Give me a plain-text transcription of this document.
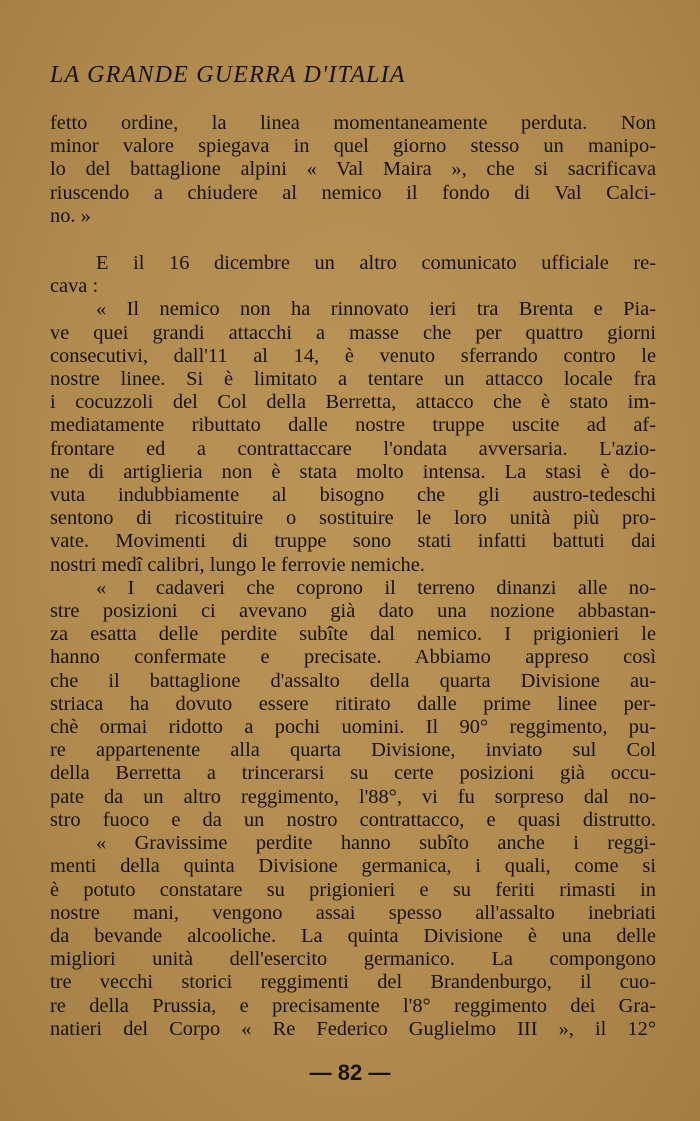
LA GRANDE GUERRA D'ITALIA

fetto ordine, la linea momentaneamente perduta. Non
minor valore spiegava in quel giorno stesso un manipo-
lo del battaglione alpini « Val Maira », che si sacrificava
riuscendo a chiudere al nemico il fondo di Val Calci-
no. »

E il 16 dicembre un altro comunicato ufficiale re-
cava :

« Il nemico non ha rinnovato ieri tra Brenta e Pia-
ve quei grandi attacchi a masse che per quattro giorni
consecutivi, dall'11 al 14, è venuto sferrando contro le
nostre linee. Si è limitato a tentare un attacco locale fra
i cocuzzoli del Col della Berretta, attacco che è stato im-
mediatamente ributtato dalle nostre truppe uscite ad af-
frontare ed a contrattaccare l'ondata avversaria. L'azio-
ne di artiglieria non è stata molto intensa. La stasi è do-
vuta indubbiamente al bisogno che gli austro-tedeschi
sentono di ricostituire o sostituire le loro unità più pro-
vate. Movimenti di truppe sono stati infatti battuti dai
nostri medî calibri, lungo le ferrovie nemiche.

« I cadaveri che coprono il terreno dinanzi alle no-
stre posizioni ci avevano già dato una nozione abbastan-
za esatta delle perdite subîte dal nemico. I prigionieri le
hanno confermate e precisate. Abbiamo appreso così
che il battaglione d'assalto della quarta Divisione au-
striaca ha dovuto essere ritirato dalle prime linee per-
chè ormai ridotto a pochi uomini. Il 90° reggimento, pu-
re appartenente alla quarta Divisione, inviato sul Col
della Berretta a trincerarsi su certe posizioni già occu-
pate da un altro reggimento, l'88°, vi fu sorpreso dal no-
stro fuoco e da un nostro contrattacco, e quasi distrutto.

« Gravissime perdite hanno subîto anche i reggi-
menti della quinta Divisione germanica, i quali, come si
è potuto constatare su prigionieri e su feriti rimasti in
nostre mani, vengono assai spesso all'assalto inebriati
da bevande alcooliche. La quinta Divisione è una delle
migliori unità dell'esercito germanico. La compongono
tre vecchi storici reggimenti del Brandenburgo, il cuo-
re della Prussia, e precisamente l'8° reggimento dei Gra-
natieri del Corpo « Re Federico Guglielmo III », il 12°

— 82 —
